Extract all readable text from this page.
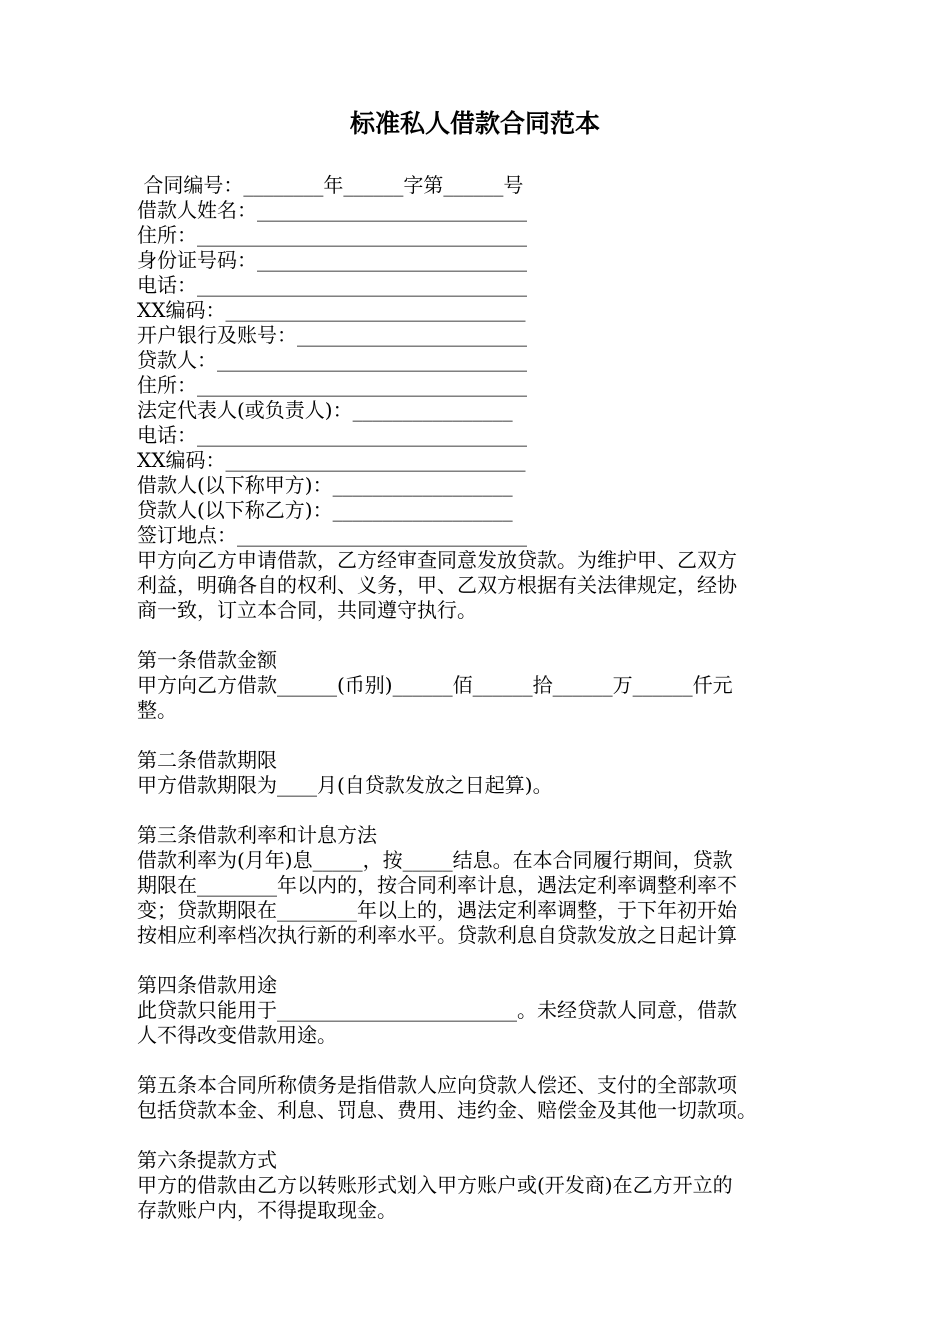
标准私人借款合同范本
合同编号：________年______字第______号
借款人姓名：___________________________
住所：_________________________________
身份证号码：___________________________
电话：_________________________________
XX编码：______________________________
开户银行及账号：_______________________
贷款人：_______________________________
住所：_________________________________
法定代表人(或负责人)：________________
电话：_________________________________
XX编码：______________________________
借款人(以下称甲方)：__________________
贷款人(以下称乙方)：__________________
签订地点：_____________________________
甲方向乙方申请借款，乙方经审查同意发放贷款。为维护甲、乙双方
利益，明确各自的权利、义务，甲、乙双方根据有关法律规定，经协
商一致，订立本合同，共同遵守执行。
第一条借款金额
甲方向乙方借款______(币别)______佰______拾______万______仟元
整。
第二条借款期限
甲方借款期限为____月(自贷款发放之日起算)。
第三条借款利率和计息方法
借款利率为(月年)息_____，按_____结息。在本合同履行期间，贷款
期限在________年以内的，按合同利率计息，遇法定利率调整利率不
变；贷款期限在________年以上的，遇法定利率调整，于下年初开始
按相应利率档次执行新的利率水平。贷款利息自贷款发放之日起计算
第四条借款用途
此贷款只能用于________________________。未经贷款人同意，借款
人不得改变借款用途。
第五条本合同所称债务是指借款人应向贷款人偿还、支付的全部款项
包括贷款本金、利息、罚息、费用、违约金、赔偿金及其他一切款项。
第六条提款方式
甲方的借款由乙方以转账形式划入甲方账户或(开发商)在乙方开立的
存款账户内，不得提取现金。
